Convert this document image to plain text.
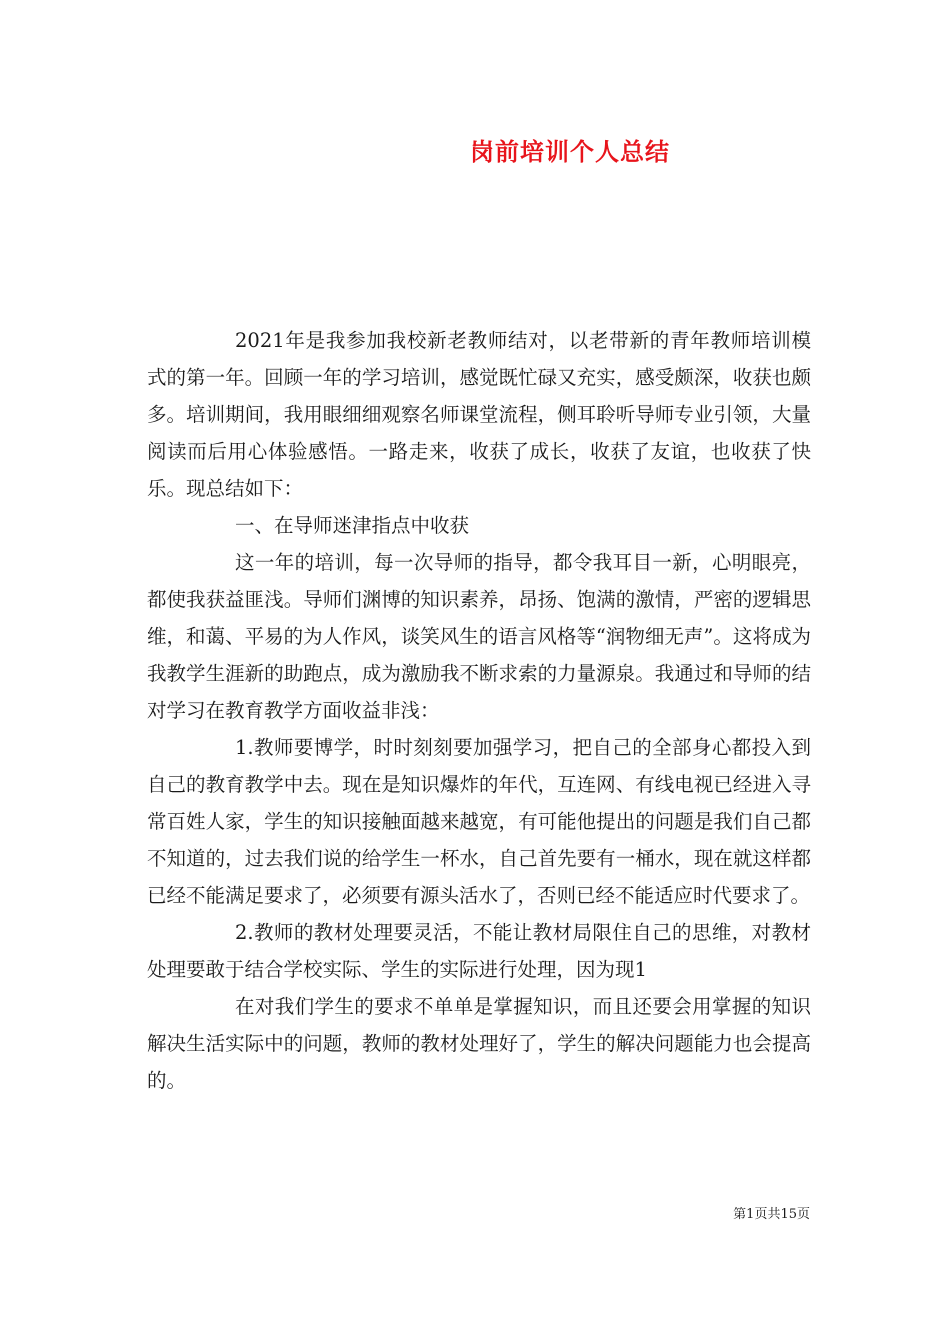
岗前培训个人总结

2021年是我参加我校新老教师结对，以老带新的青年教师培训模式的第一年。回顾一年的学习培训，感觉既忙碌又充实，感受颇深，收获也颇多。培训期间，我用眼细细观察名师课堂流程，侧耳聆听导师专业引领，大量阅读而后用心体验感悟。一路走来，收获了成长，收获了友谊，也收获了快乐。现总结如下：

一、在导师迷津指点中收获

这一年的培训，每一次导师的指导，都令我耳目一新，心明眼亮，都使我获益匪浅。导师们渊博的知识素养，昂扬、饱满的激情，严密的逻辑思维，和蔼、平易的为人作风，谈笑风生的语言风格等“润物细无声”。这将成为我教学生涯新的助跑点，成为激励我不断求索的力量源泉。我通过和导师的结对学习在教育教学方面收益非浅：

1.教师要博学，时时刻刻要加强学习，把自己的全部身心都投入到自己的教育教学中去。现在是知识爆炸的年代，互连网、有线电视已经进入寻常百姓人家，学生的知识接触面越来越宽，有可能他提出的问题是我们自己都不知道的，过去我们说的给学生一杯水，自己首先要有一桶水，现在就这样都已经不能满足要求了，必须要有源头活水了，否则已经不能适应时代要求了。

2.教师的教材处理要灵活，不能让教材局限住自己的思维，对教材处理要敢于结合学校实际、学生的实际进行处理，因为现1

在对我们学生的要求不单单是掌握知识，而且还要会用掌握的知识解决生活实际中的问题，教师的教材处理好了，学生的解决问题能力也会提高的。

第1页共15页
